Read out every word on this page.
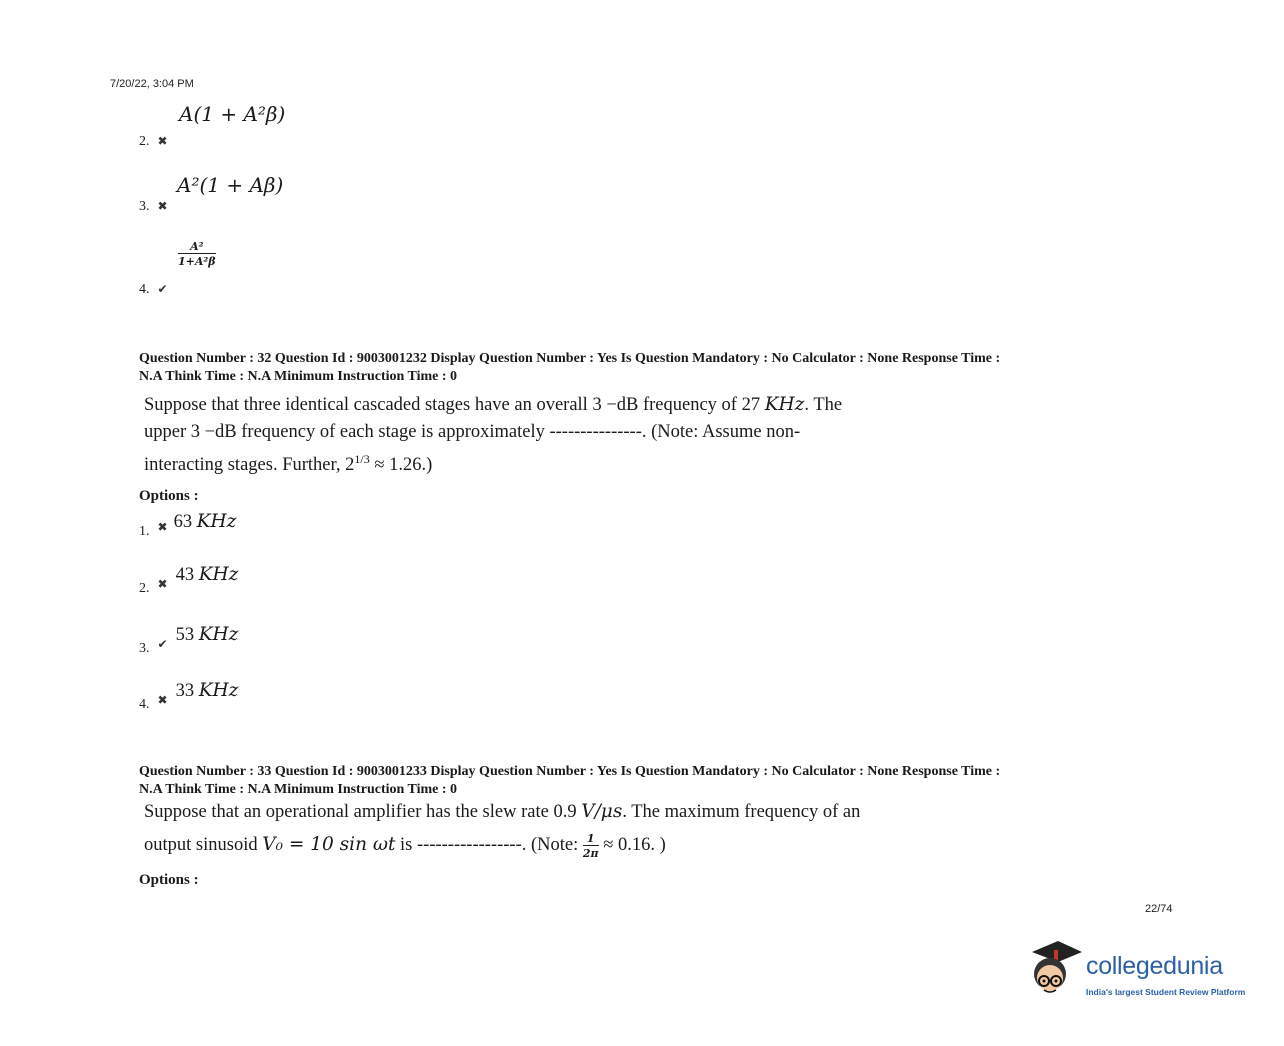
7/20/22, 3:04 PM
22/74
A(1 + A²β)
2. ✖
A²(1 + Aβ)
3. ✖
$\frac{\text{A²}}{\text{1+A²β}}$
4. ✔
Question Number : 32 Question Id : 9003001232 Display Question Number : Yes Is Question Mandatory : No Calculator : None Response Time :
N.A Think Time : N.A Minimum Instruction Time : 0
Suppose that three identical cascaded stages have an overall 3 −dB frequency of 27 KHz. The
upper 3 −dB frequency of each stage is approximately ---------------. (Note: Assume non-
interacting stages. Further, $2^{1/3} \approx 1.26$.)
Options :
1. $_✖$ 63 KHz
2. $_✖$ 43 KHz
3. $_✔$ 53 KHz
4. $_✖$ 33 KHz
Question Number : 33 Question Id : 9003001233 Display Question Number : Yes Is Question Mandatory : No Calculator : None Response Time :
N.A Think Time : N.A Minimum Instruction Time : 0
Suppose that an operational amplifier has the slew rate 0.9 V/μs. The maximum frequency of an
output sinusoid V₀ = 10 sin ωt is -----------------. (Note: $\frac{1}{2\pi} \approx 0.16$. )
Options :
collegedunia
India's largest Student Review Platform
